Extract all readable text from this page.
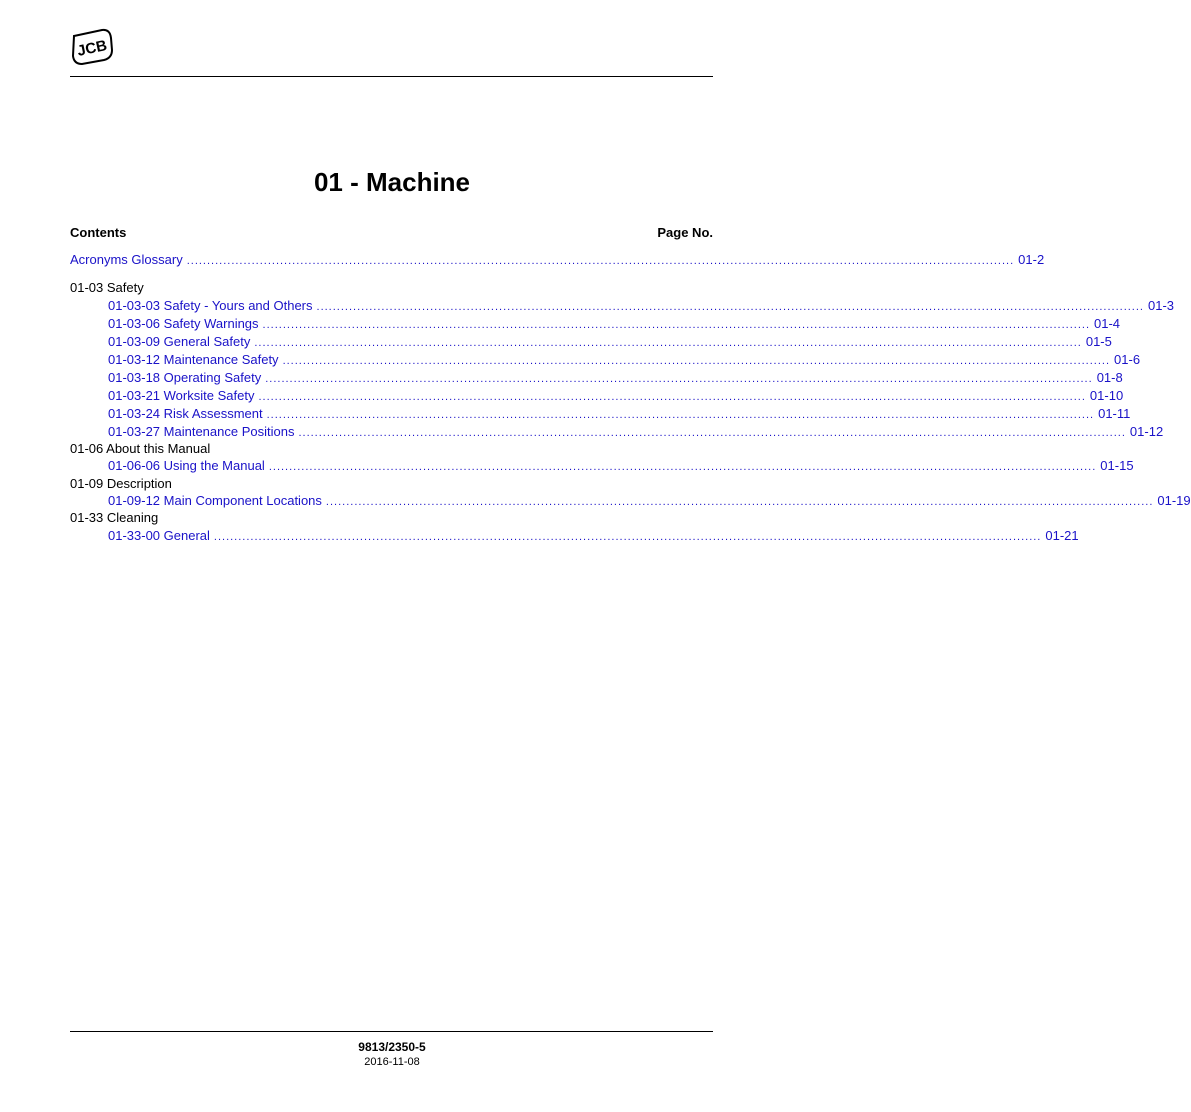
JCB
01 - Machine
Contents	Page No.
Acronyms Glossary ............................................................................................................................................................................................................ 01-2
01-03 Safety
01-03-03 Safety - Yours and Others ............................................................................................................................................................................................................ 01-3
01-03-06 Safety Warnings ............................................................................................................................................................................................................ 01-4
01-03-09 General Safety ............................................................................................................................................................................................................ 01-5
01-03-12 Maintenance Safety ............................................................................................................................................................................................................ 01-6
01-03-18 Operating Safety ............................................................................................................................................................................................................ 01-8
01-03-21 Worksite Safety ............................................................................................................................................................................................................ 01-10
01-03-24 Risk Assessment ............................................................................................................................................................................................................ 01-11
01-03-27 Maintenance Positions ............................................................................................................................................................................................................ 01-12
01-06 About this Manual
01-06-06 Using the Manual ............................................................................................................................................................................................................ 01-15
01-09 Description
01-09-12 Main Component Locations ............................................................................................................................................................................................................ 01-19
01-33 Cleaning
01-33-00 General ............................................................................................................................................................................................................ 01-21
9813/2350-5
2016-11-08
